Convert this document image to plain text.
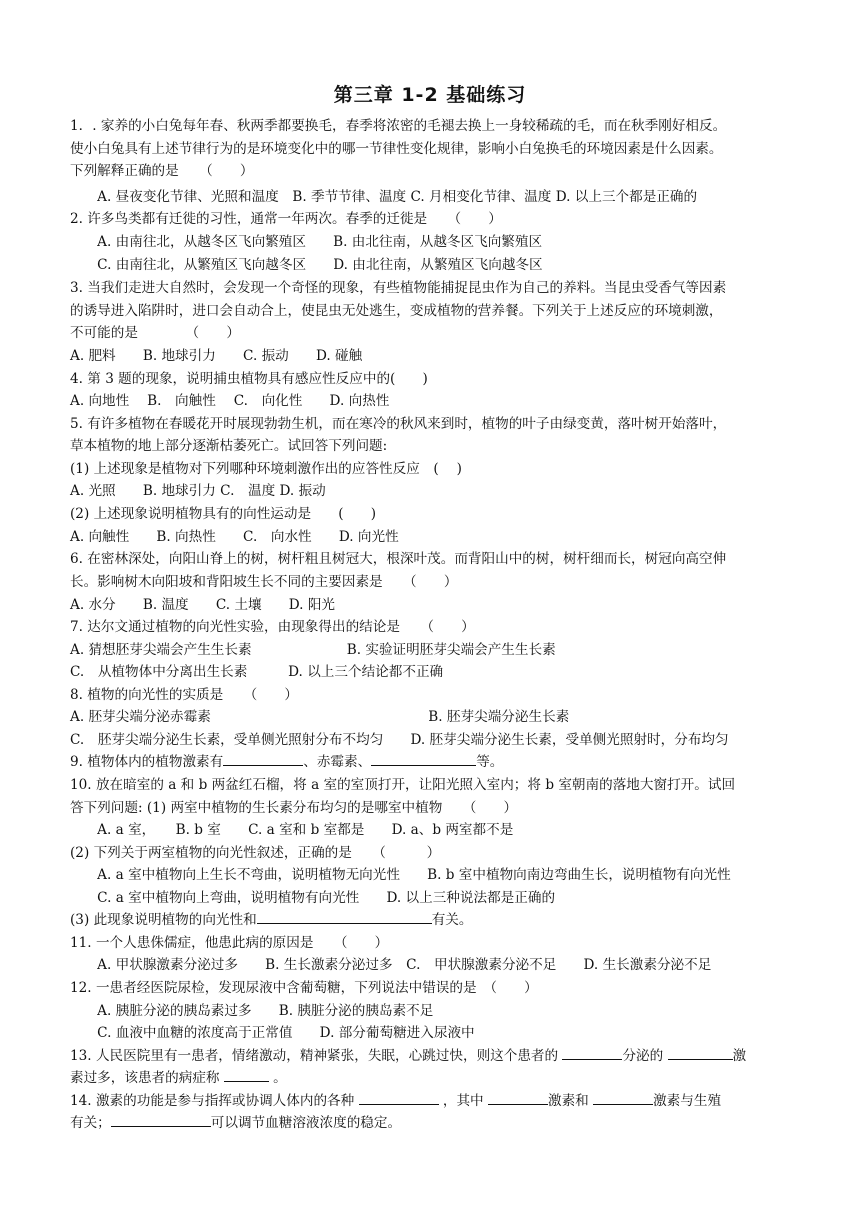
第三章 1-2 基础练习
1．. 家养的小白兔每年春、秋两季都要换毛，春季将浓密的毛褪去换上一身较稀疏的毛，而在秋季刚好相反。
使小白兔具有上述节律行为的是环境变化中的哪一节律性变化规律，影响小白兔换毛的环境因素是什么因素。
下列解释正确的是　　（　　）
　　A. 昼夜变化节律、光照和温度　B. 季节节律、温度 C. 月相变化节律、温度 D. 以上三个都是正确的
2. 许多鸟类都有迁徙的习性，通常一年两次。春季的迁徙是　　（　　）
　　A. 由南往北，从越冬区飞向繁殖区　　B. 由北往南，从越冬区飞向繁殖区
　　C. 由南往北，从繁殖区飞向越冬区　　D. 由北往南，从繁殖区飞向越冬区
3. 当我们走进大自然时，会发现一个奇怪的现象，有些植物能捕捉昆虫作为自己的养料。当昆虫受香气等因素
的诱导进入陷阱时，进口会自动合上，使昆虫无处逃生，变成植物的营养餐。下列关于上述反应的环境刺激，
不可能的是　　　　（　　）
A. 肥料　　B. 地球引力　　C. 振动　　D. 碰触
4. 第 3 题的现象，说明捕虫植物具有感应性反应中的(　　)
A. 向地性　 B.　向触性　 C.　向化性　　D. 向热性
5. 有许多植物在春暖花开时展现勃勃生机，而在寒冷的秋风来到时，植物的叶子由绿变黄，落叶树开始落叶，
草本植物的地上部分逐渐枯萎死亡。试回答下列问题:
(1) 上述现象是植物对下列哪种环境刺激作出的应答性反应　(　 )
A. 光照　　B. 地球引力 C.　温度 D. 振动
(2) 上述现象说明植物具有的向性运动是　　(　　)
A. 向触性　　B. 向热性　　C.　向水性　　D. 向光性
6. 在密林深处，向阳山脊上的树，树杆粗且树冠大，根深叶茂。而背阳山中的树，树杆细而长，树冠向高空伸
长。影响树木向阳坡和背阳坡生长不同的主要因素是　　（　　）
A. 水分　　B. 温度　　C. 土壤　　D. 阳光
7. 达尔文通过植物的向光性实验，由现象得出的结论是　　（　　）
A. 猜想胚芽尖端会产生生长素　　　　　　　B. 实验证明胚芽尖端会产生生长素
C.　从植物体中分离出生长素　　　D. 以上三个结论都不正确
8. 植物的向光性的实质是　　（　　）
A. 胚芽尖端分泌赤霉素　　　　　　　　　　　　　　　　B. 胚芽尖端分泌生长素
C.　胚芽尖端分泌生长素，受单侧光照射分布不均匀　　D. 胚芽尖端分泌生长素，受单侧光照射时，分布均匀
9. 植物体内的植物激素有	、赤霉素、	等。
10. 放在暗室的 a 和 b 两盆红石榴，将 a 室的室顶打开，让阳光照入室内；将 b 室朝南的落地大窗打开。试回
答下列问题: (1) 两室中植物的生长素分布均匀的是哪室中植物　　（　　）
　　A. a 室，　　B. b 室　　C. a 室和 b 室都是　　D. a、b 两室都不是
(2) 下列关于两室植物的向光性叙述，正确的是　　（　　　）
　　A. a 室中植物向上生长不弯曲，说明植物无向光性　　B. b 室中植物向南边弯曲生长，说明植物有向光性
　　C. a 室中植物向上弯曲，说明植物有向光性　　D. 以上三种说法都是正确的
(3) 此现象说明植物的向光性和	有关。
11. 一个人患侏儒症，他患此病的原因是　　（　　）
　　A. 甲状腺激素分泌过多　　B. 生长激素分泌过多　C.　甲状腺激素分泌不足　　D. 生长激素分泌不足
12. 一患者经医院尿检，发现尿液中含葡萄糖，下列说法中错误的是　（　　）
　　A. 胰脏分泌的胰岛素过多　　B. 胰脏分泌的胰岛素不足
　　C. 血液中血糖的浓度高于正常值　　D. 部分葡萄糖进入尿液中
13. 人民医院里有一患者，情绪激动，精神紧张，失眠，心跳过快，则这个患者的	分泌的	激
素过多，该患者的病症称	。
14. 激素的功能是参与指挥或协调人体内的各种	，其中	激素和	激素与生殖
有关；	可以调节血糖溶液浓度的稳定。
